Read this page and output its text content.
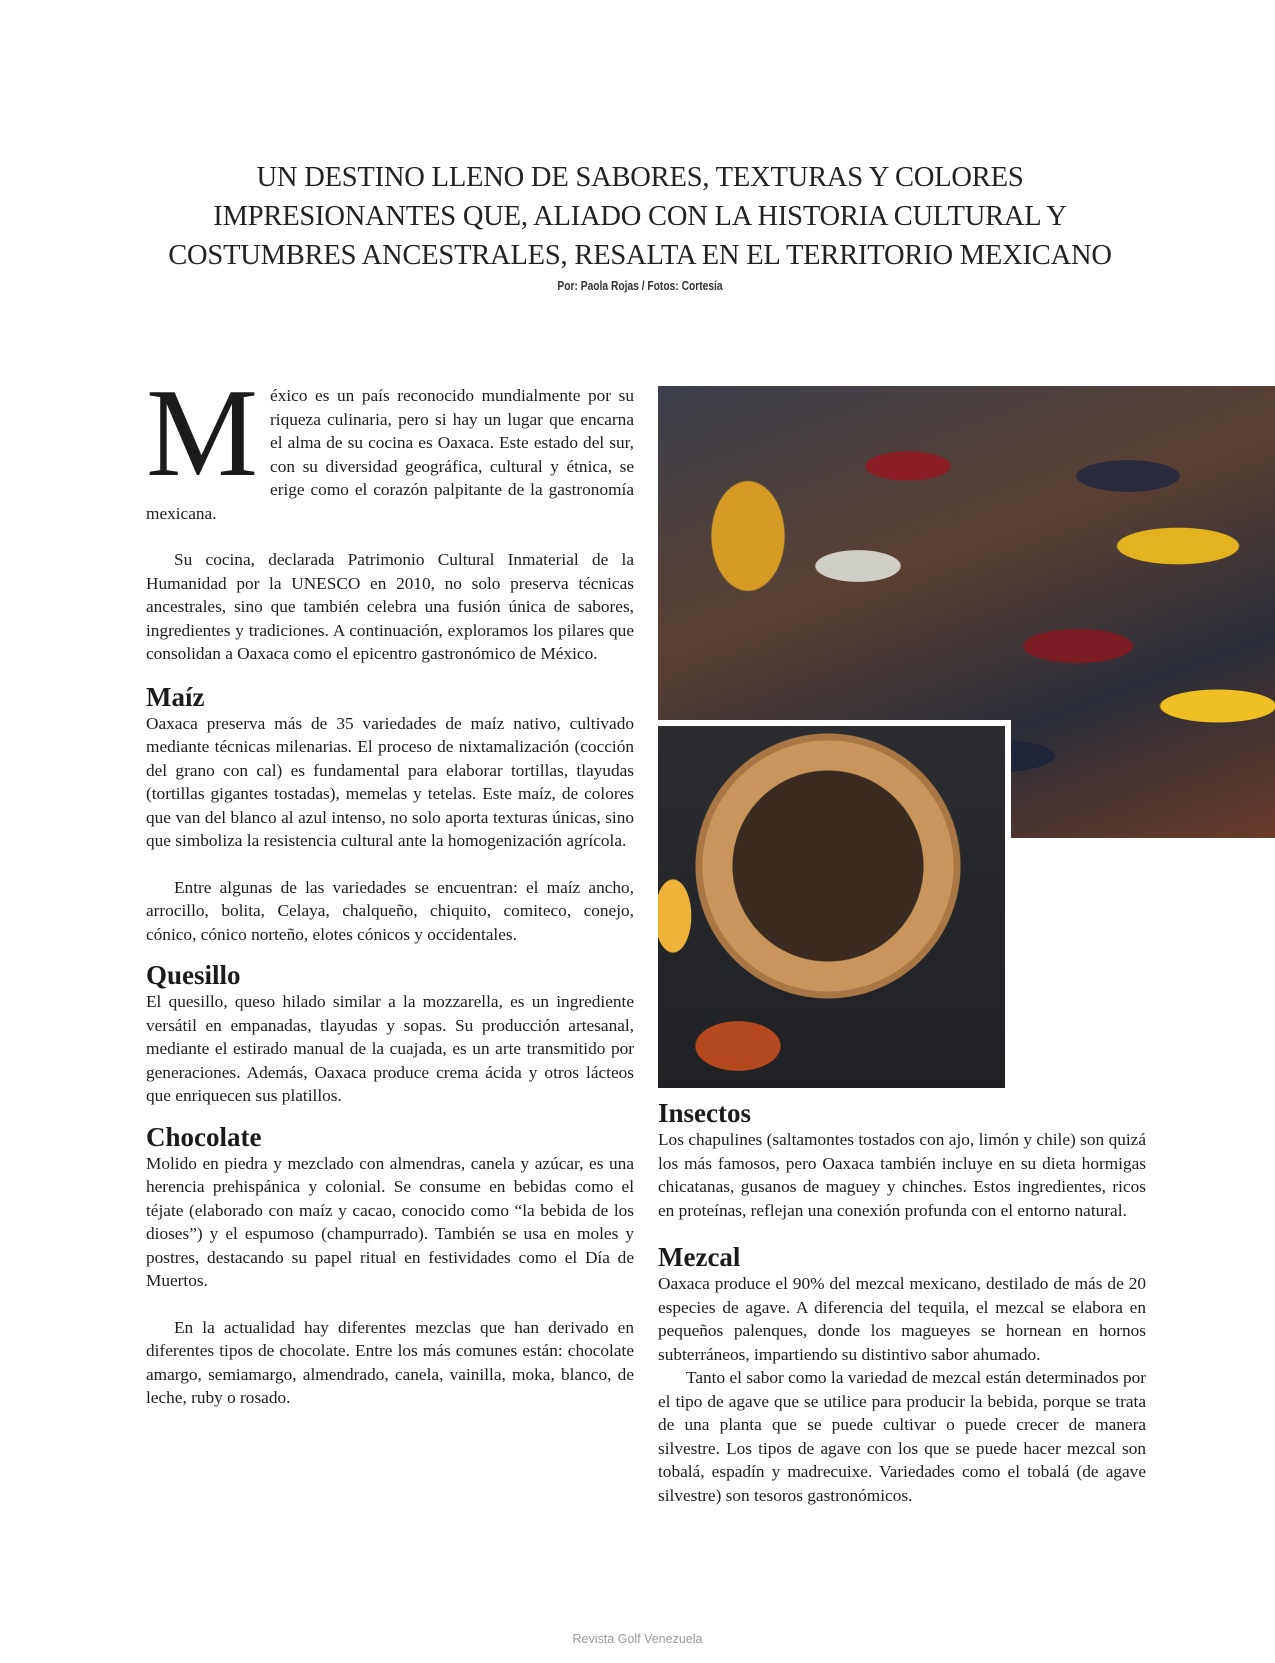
UN DESTINO LLENO DE SABORES, TEXTURAS Y COLORES
IMPRESIONANTES QUE, ALIADO CON LA HISTORIA CULTURAL Y
COSTUMBRES ANCESTRALES, RESALTA EN EL TERRITORIO MEXICANO
Por: Paola Rojas / Fotos: Cortesía

México es un país reconocido mundialmente por su riqueza culinaria, pero si hay un lugar que encarna el alma de su cocina es Oaxaca. Este estado del sur, con su diversidad geográfica, cultural y étnica, se erige como el corazón palpitante de la gastronomía mexicana.

Su cocina, declarada Patrimonio Cultural Inmaterial de la Humanidad por la UNESCO en 2010, no solo preserva técnicas ancestrales, sino que también celebra una fusión única de sabores, ingredientes y tradiciones. A continuación, exploramos los pilares que consolidan a Oaxaca como el epicentro gastronómico de México.

Maíz

Oaxaca preserva más de 35 variedades de maíz nativo, cultivado mediante técnicas milenarias. El proceso de nixtamalización (cocción del grano con cal) es fundamental para elaborar tortillas, tlayudas (tortillas gigantes tostadas), memelas y tetelas. Este maíz, de colores que van del blanco al azul intenso, no solo aporta texturas únicas, sino que simboliza la resistencia cultural ante la homogenización agrícola.

Entre algunas de las variedades se encuentran: el maíz ancho, arrocillo, bolita, Celaya, chalqueño, chiquito, comiteco, conejo, cónico, cónico norteño, elotes cónicos y occidentales.

Quesillo

El quesillo, queso hilado similar a la mozzarella, es un ingrediente versátil en empanadas, tlayudas y sopas. Su producción artesanal, mediante el estirado manual de la cuajada, es un arte transmitido por generaciones. Además, Oaxaca produce crema ácida y otros lácteos que enriquecen sus platillos.

Chocolate

Molido en piedra y mezclado con almendras, canela y azúcar, es una herencia prehispánica y colonial. Se consume en bebidas como el téjate (elaborado con maíz y cacao, conocido como “la bebida de los dioses”) y el espumoso (champurrado). También se usa en moles y postres, destacando su papel ritual en festividades como el Día de Muertos.

En la actualidad hay diferentes mezclas que han derivado en diferentes tipos de chocolate. Entre los más comunes están: chocolate amargo, semiamargo, almendrado, canela, vainilla, moka, blanco, de leche, ruby o rosado.

Insectos

Los chapulines (saltamontes tostados con ajo, limón y chile) son quizá los más famosos, pero Oaxaca también incluye en su dieta hormigas chicatanas, gusanos de maguey y chinches. Estos ingredientes, ricos en proteínas, reflejan una conexión profunda con el entorno natural.

Mezcal

Oaxaca produce el 90% del mezcal mexicano, destilado de más de 20 especies de agave. A diferencia del tequila, el mezcal se elabora en pequeños palenques, donde los magueyes se hornean en hornos subterráneos, impartiendo su distintivo sabor ahumado.

Tanto el sabor como la variedad de mezcal están determinados por el tipo de agave que se utilice para producir la bebida, porque se trata de una planta que se puede cultivar o puede crecer de manera silvestre. Los tipos de agave con los que se puede hacer mezcal son tobalá, espadín y madrecuixe. Variedades como el tobalá (de agave silvestre) son tesoros gastronómicos.

Revista Golf Venezuela
